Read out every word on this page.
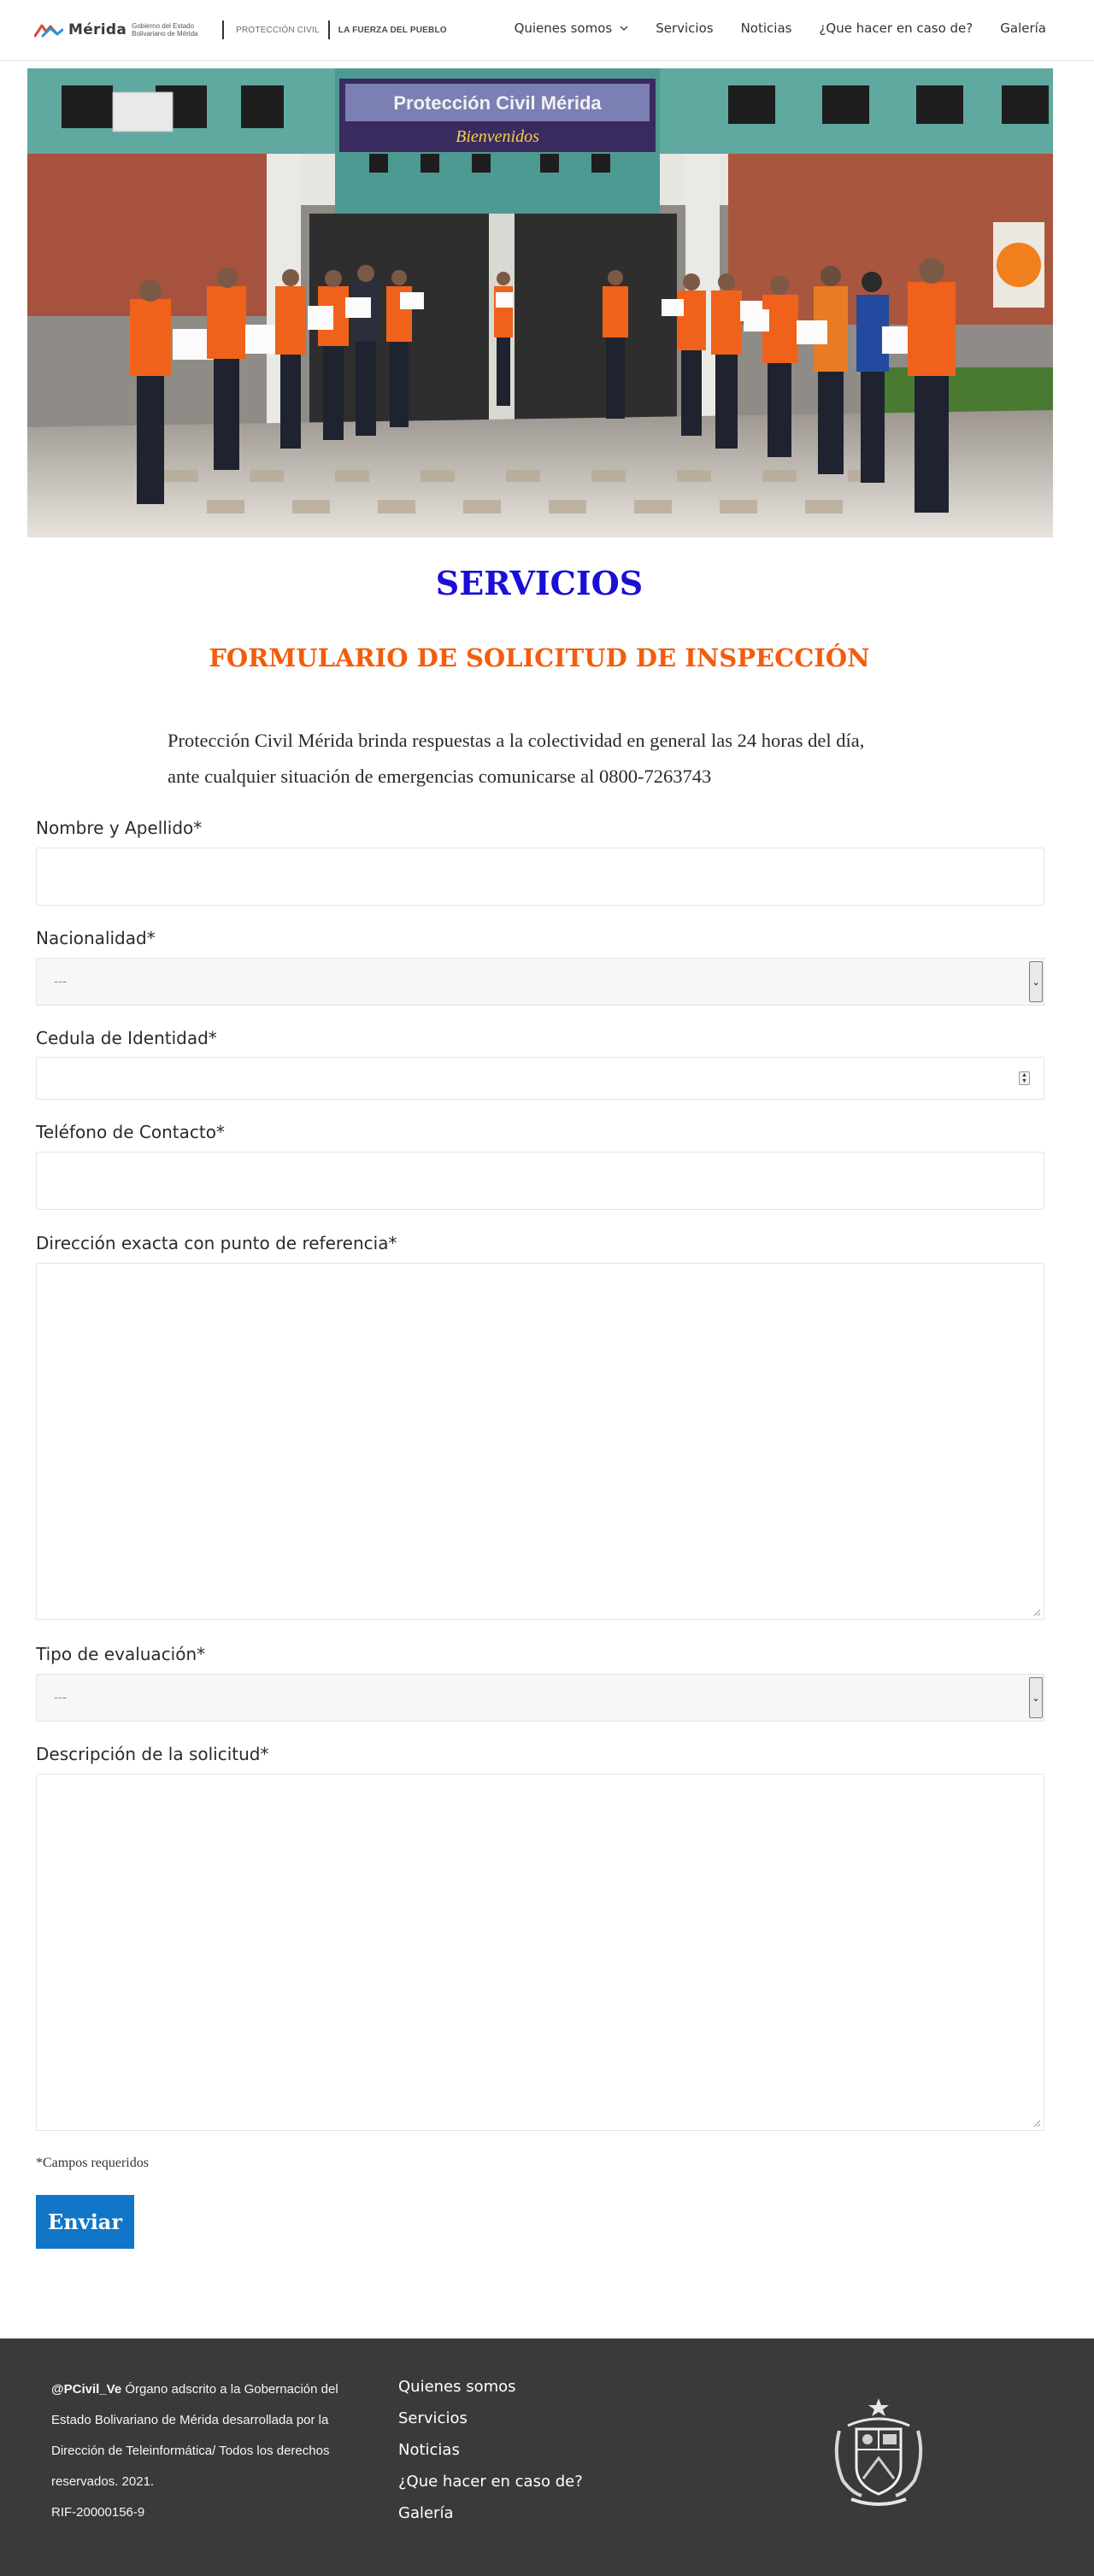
Mérida Gobierno del Estado Bolivariano de Mérida	PROTECCIÓN CIVIL LA FUERZA DEL PUEBLO	Quienes somos	Servicios Noticias ¿Que hacer en caso de? Galería
Protección Civil Mérida
Bienvenidos
SERVICIOS
FORMULARIO DE SOLICITUD DE INSPECCIÓN
Protección Civil Mérida brinda respuestas a la colectividad en general las 24 horas del día,
ante cualquier situación de emergencias comunicarse al 0800-7263743
Nombre y Apellido*
Nacionalidad*
---	⌄
Cedula de Identidad*
▲
▼
Teléfono de Contacto*
Dirección exacta con punto de referencia*
Tipo de evaluación*
---	⌄
Descripción de la solicitud*
*Campos requeridos
Enviar
@PCivil_Ve Órgano adscrito a la Gobernación del Estado Bolivariano de Mérida desarrollada por la Dirección de Teleinformática/ Todos los derechos reservados. 2021.
RIF-20000156-9
Quienes somos
Servicios
Noticias
¿Que hacer en caso de?
Galería
